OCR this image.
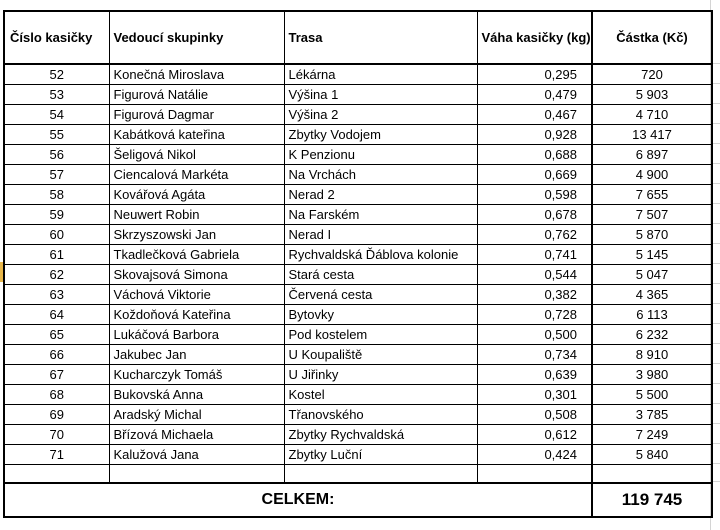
Číslo kasičky	Vedoucí skupinky	Trasa	Váha kasičky (kg)	Částka (Kč)
52	Konečná Miroslava	Lékárna	0,295	720
53	Figurová Natálie	Výšina 1	0,479	5 903
54	Figurová Dagmar	Výšina 2	0,467	4 710
55	Kabátková kateřina	Zbytky Vodojem	0,928	13 417
56	Šeligová Nikol	K Penzionu	0,688	6 897
57	Ciencalová Markéta	Na Vrchách	0,669	4 900
58	Kovářová Agáta	Nerad 2	0,598	7 655
59	Neuwert Robin	Na Farském	0,678	7 507
60	Skrzyszowski Jan	Nerad I	0,762	5 870
61	Tkadlečková Gabriela	Rychvaldská Ďáblova kolonie	0,741	5 145
62	Skovajsová Simona	Stará cesta	0,544	5 047
63	Váchová Viktorie	Červená cesta	0,382	4 365
64	Koždoňová Kateřina	Bytovky	0,728	6 113
65	Lukáčová Barbora	Pod kostelem	0,500	6 232
66	Jakubec Jan	U Koupaliště	0,734	8 910
67	Kucharczyk Tomáš	U Jiřinky	0,639	3 980
68	Bukovská Anna	Kostel	0,301	5 500
69	Aradský Michal	Třanovského	0,508	3 785
70	Břízová Michaela	Zbytky Rychvaldská	0,612	7 249
71	Kalužová Jana	Zbytky Luční	0,424	5 840

CELKEM:				119 745
